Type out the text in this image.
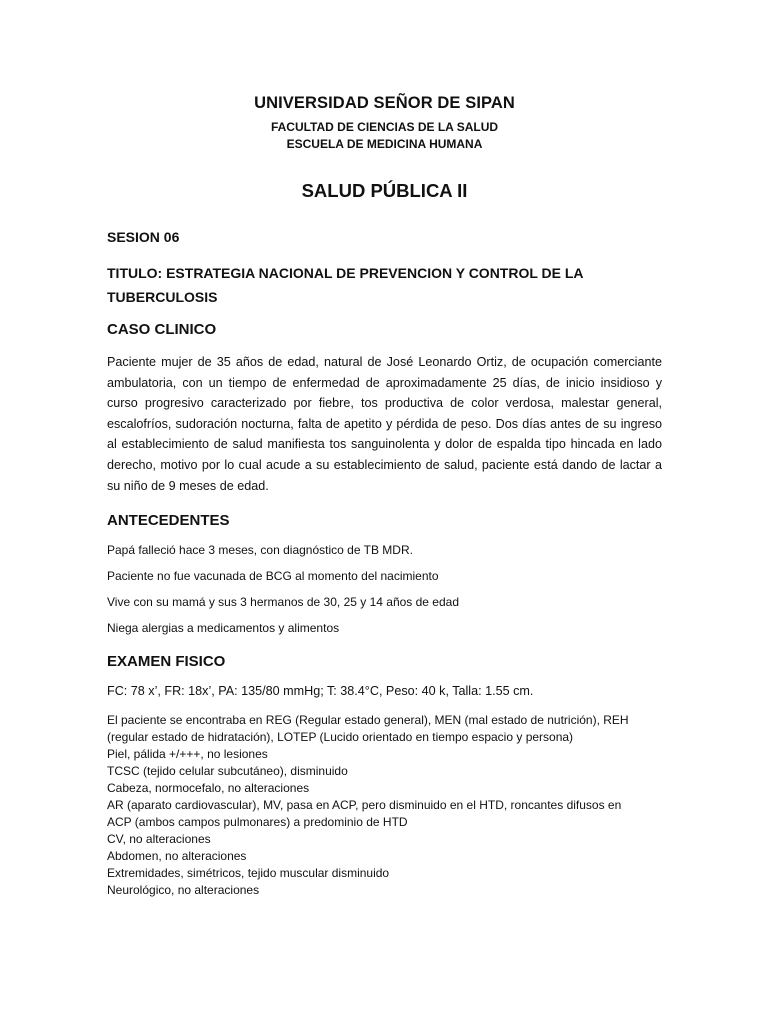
UNIVERSIDAD SEÑOR DE SIPAN
FACULTAD DE CIENCIAS DE LA SALUD
ESCUELA DE MEDICINA HUMANA
SALUD PÚBLICA II
SESION 06
TITULO: ESTRATEGIA NACIONAL DE PREVENCION Y CONTROL DE LA TUBERCULOSIS
CASO CLINICO
Paciente mujer de 35 años de edad, natural de José Leonardo Ortiz, de ocupación comerciante ambulatoria, con un tiempo de enfermedad de aproximadamente 25 días, de inicio insidioso y curso progresivo caracterizado por fiebre, tos productiva de color verdosa, malestar general, escalofríos, sudoración nocturna, falta de apetito y pérdida de peso. Dos días antes de su ingreso al establecimiento de salud manifiesta tos sanguinolenta y dolor de espalda tipo hincada en lado derecho, motivo por lo cual acude a su establecimiento de salud, paciente está dando de lactar a su niño de 9 meses de edad.
ANTECEDENTES
Papá falleció hace 3 meses, con diagnóstico de TB MDR.
Paciente no fue vacunada de BCG al momento del nacimiento
Vive con su mamá y sus 3 hermanos de 30, 25 y 14 años de edad
Niega alergias a medicamentos y alimentos
EXAMEN FISICO
FC: 78 x’, FR: 18x’, PA: 135/80 mmHg; T: 38.4°C, Peso: 40 k, Talla: 1.55 cm.
El paciente se encontraba en REG (Regular estado general), MEN (mal estado de nutrición), REH
(regular estado de hidratación), LOTEP (Lucido orientado en tiempo espacio y persona)
Piel, pálida +/+++, no lesiones
TCSC (tejido celular subcutáneo), disminuido
Cabeza, normocefalo, no alteraciones
AR (aparato cardiovascular), MV, pasa en ACP, pero disminuido en el HTD, roncantes difusos en
ACP (ambos campos pulmonares) a predominio de HTD
CV, no alteraciones
Abdomen, no alteraciones
Extremidades, simétricos, tejido muscular disminuido
Neurológico, no alteraciones
